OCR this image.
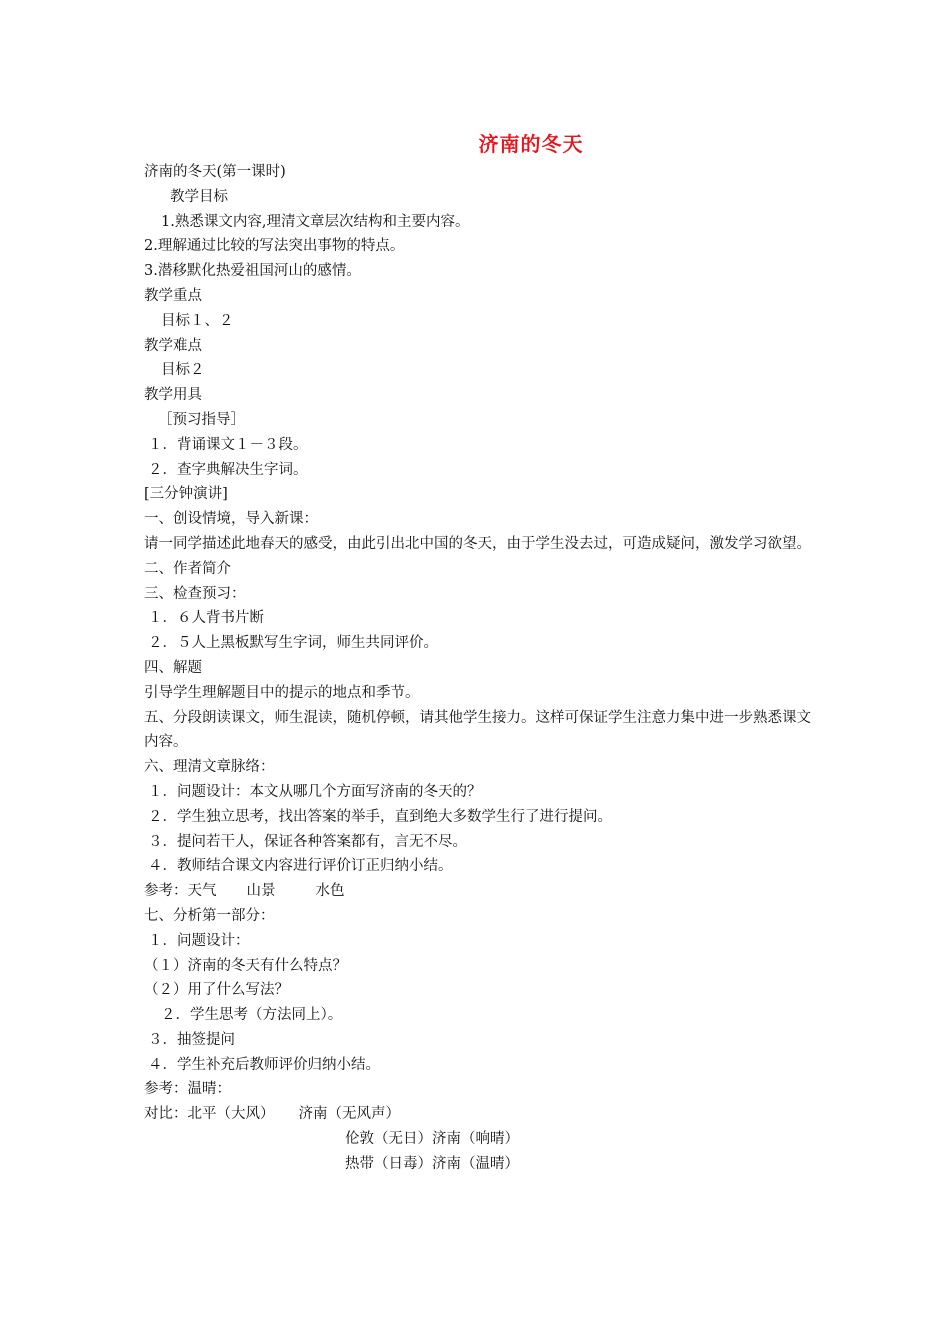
济南的冬天

济南的冬天(第一课时)

教学目标

1.熟悉课文内容,理清文章层次结构和主要内容。

2.理解通过比较的写法突出事物的特点。

3.潜移默化热爱祖国河山的感情。

教学重点

目标１、２

教学难点

目标２

教学用具

［预习指导］

１．背诵课文１－３段。

２．查字典解决生字词。

[三分钟演讲]

一、创设情境，导入新课：

请一同学描述此地春天的感受，由此引出北中国的冬天，由于学生没去过，可造成疑问，激发学习欲望。

二、作者简介

三、检查预习：

１．６人背书片断

２．５人上黑板默写生字词，师生共同评价。

四、解题

引导学生理解题目中的提示的地点和季节。

五、分段朗读课文，师生混读，随机停顿，请其他学生接力。这样可保证学生注意力集中进一步熟悉课文内容。

六、理清文章脉络：

１．问题设计：本文从哪几个方面写济南的冬天的？

２．学生独立思考，找出答案的举手，直到绝大多数学生行了进行提问。

３．提问若干人，保证各种答案都有，言无不尽。

４．教师结合课文内容进行评价订正归纳小结。

参考：天气 山景	水色

七、分析第一部分：

１．问题设计：

（１）济南的冬天有什么特点？

（２）用了什么写法？

２．学生思考（方法同上）。

３．抽签提问

４．学生补充后教师评价归纳小结。

参考：温晴：

对比：北平（大风） 济南（无风声）

伦敦（无日）济南（响晴）

热带（日毒）济南（温晴）
